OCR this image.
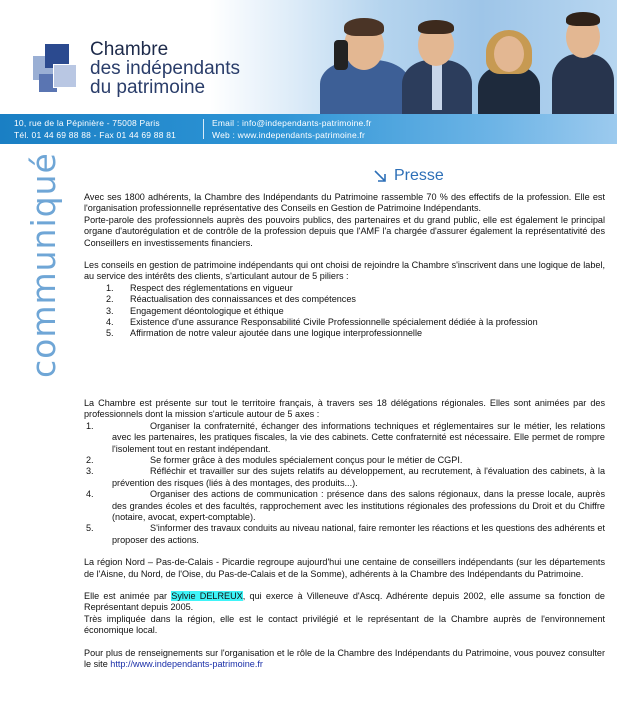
Chambre
des indépendants
du patrimoine
10, rue de la Pépinière - 75008 Paris
Tél. 01 44 69 88 88 - Fax 01 44 69 88 81
Email : info@independants-patrimoine.fr
Web : www.independants-patrimoine.fr
communiqué	Presse

Avec ses 1800 adhérents, la Chambre des Indépendants du Patrimoine rassemble 70 % des effectifs de la profession. Elle est l'organisation professionnelle représentative des Conseils en Gestion de Patrimoine Indépendants.

Porte-parole des professionnels auprès des pouvoirs publics, des partenaires et du grand public, elle est également le principal organe d'autorégulation et de contrôle de la profession depuis que l'AMF l'a chargée d'assurer également la représentativité des Conseillers en investissements financiers.

Les conseils en gestion de patrimoine indépendants qui ont choisi de rejoindre la Chambre s'inscrivent dans une logique de label, au service des intérêts des clients, s'articulant autour de 5 piliers :

1.	Respect des réglementations en vigueur
2.	Réactualisation des connaissances et des compétences
3.	Engagement déontologique et éthique
4.	Existence d'une assurance Responsabilité Civile Professionnelle spécialement dédiée à la profession
5.	Affirmation de notre valeur ajoutée dans une logique interprofessionnelle

La Chambre est présente sur tout le territoire français, à travers ses 18 délégations régionales. Elles sont animées par des professionnels dont la mission s'articule autour de 5 axes :

1.	Organiser la confraternité, échanger des informations techniques et réglementaires sur le métier, les relations avec les partenaires, les pratiques fiscales, la vie des cabinets. Cette confraternité est nécessaire. Elle permet de rompre l'isolement tout en restant indépendant.
2.	Se former grâce à des modules spécialement conçus pour le métier de CGPI.
3.	Réfléchir et travailler sur des sujets relatifs au développement, au recrutement, à l'évaluation des cabinets, à la prévention des risques (liés à des montages, des produits...).
4.	Organiser des actions de communication : présence dans des salons régionaux, dans la presse locale, auprès des grandes écoles et des facultés, rapprochement avec les institutions régionales des professions du Droit et du Chiffre (notaire, avocat, expert-comptable).
5.	S'informer des travaux conduits au niveau national, faire remonter les réactions et les questions des adhérents et proposer des actions.

La région Nord – Pas-de-Calais - Picardie regroupe aujourd'hui une centaine de conseillers indépendants (sur les départements de l'Aisne, du Nord, de l'Oise, du Pas-de-Calais et de la Somme), adhérents à la Chambre des Indépendants du Patrimoine.

Elle est animée par Sylvie DELREUX, qui exerce à Villeneuve d'Ascq. Adhérente depuis 2002, elle assume sa fonction de Représentant depuis 2005.

Très impliquée dans la région, elle est le contact privilégié et le représentant de la Chambre auprès de l'environnement économique local.

Pour plus de renseignements sur l'organisation et le rôle de la Chambre des Indépendants du Patrimoine, vous pouvez consulter le site http://www.independants-patrimoine.fr
